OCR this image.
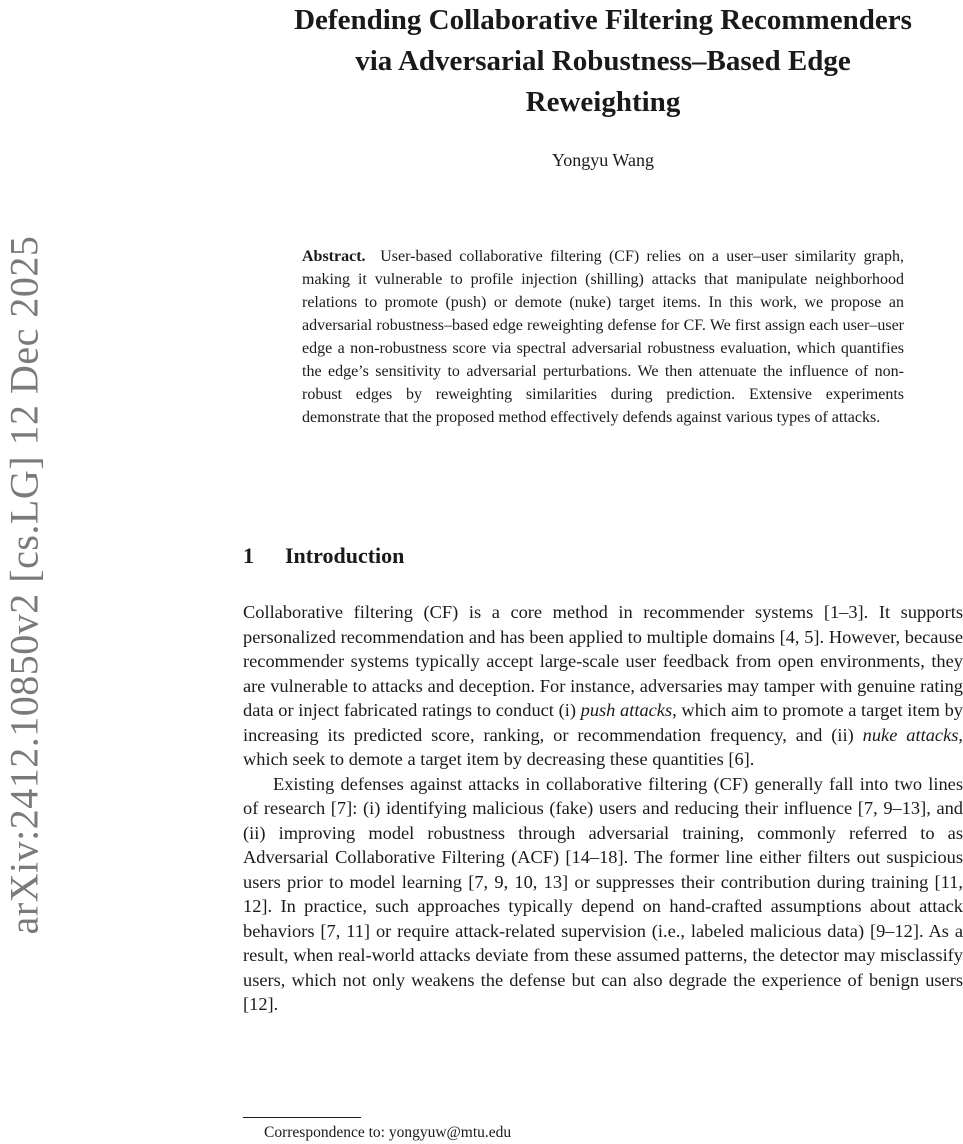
arXiv:2412.10850v2 [cs.LG] 12 Dec 2025
Defending Collaborative Filtering Recommenders
via Adversarial Robustness–Based Edge
Reweighting
Yongyu Wang
Abstract. User-based collaborative filtering (CF) relies on a user–user similarity graph, making it vulnerable to profile injection (shilling) attacks that manipulate neighborhood relations to promote (push) or demote (nuke) target items. In this work, we propose an adversarial robustness–based edge reweighting defense for CF. We first assign each user–user edge a non-robustness score via spectral adversarial robustness evaluation, which quantifies the edge’s sensitivity to adversarial perturbations. We then attenuate the influence of non-robust edges by reweighting similarities during prediction. Extensive experiments demonstrate that the proposed method effectively defends against various types of attacks.
1 Introduction

Collaborative filtering (CF) is a core method in recommender systems [1–3]. It supports personalized recommendation and has been applied to multiple domains [4, 5]. However, because recommender systems typically accept large-scale user feedback from open environments, they are vulnerable to attacks and deception. For instance, adversaries may tamper with genuine rating data or inject fabricated ratings to conduct (i) push attacks, which aim to promote a target item by increasing its predicted score, ranking, or recommendation frequency, and (ii) nuke attacks, which seek to demote a target item by decreasing these quantities [6].

Existing defenses against attacks in collaborative filtering (CF) generally fall into two lines of research [7]: (i) identifying malicious (fake) users and reducing their influence [7, 9–13], and (ii) improving model robustness through adversarial training, commonly referred to as Adversarial Collaborative Filtering (ACF) [14–18]. The former line either filters out suspicious users prior to model learning [7, 9, 10, 13] or suppresses their contribution during training [11, 12]. In practice, such approaches typically depend on hand-crafted assumptions about attack behaviors [7, 11] or require attack-related supervision (i.e., labeled malicious data) [9–12]. As a result, when real-world attacks deviate from these assumed patterns, the detector may misclassify users, which not only weakens the defense but can also degrade the experience of benign users [12].

Correspondence to: yongyuw@mtu.edu
